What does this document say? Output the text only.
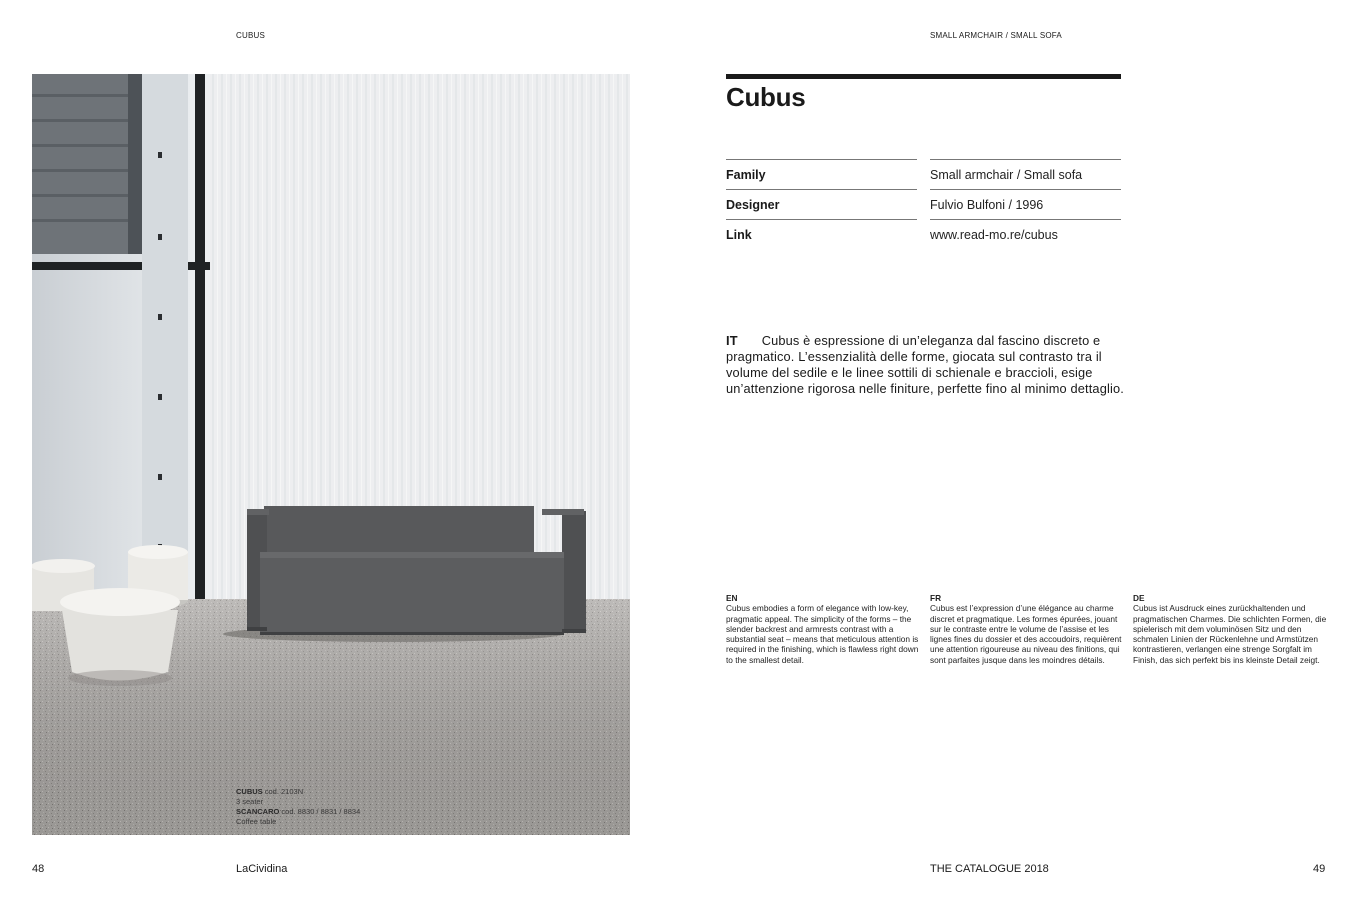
CUBUS	SMALL ARMCHAIR / SMALL SOFA
CUBUS cod. 2103N
3 seater
SCANCARO cod. 8830 / 8831 / 8834
Coffee table
Cubus
Family	Small armchair / Small sofa
Designer	Fulvio Bulfoni / 1996
Link	www.read-mo.re/cubus
IT Cubus è espressione di un’eleganza dal fascino discreto e pragmatico. L’essenzialità delle forme, giocata sul contrasto tra il volume del sedile e le linee sottili di schienale e braccioli, esige un’attenzione rigorosa nelle finiture, perfette fino al minimo dettaglio.
EN
Cubus embodies a form of elegance with low-key, pragmatic appeal. The simplicity of the forms – the slender backrest and armrests contrast with a substantial seat – means that meticulous attention is required in the finishing, which is flawless right down to the smallest detail.
FR
Cubus est l’expression d’une élégance au charme discret et pragmatique. Les formes épurées, jouant sur le contraste entre le volume de l’assise et les lignes fines du dossier et des accoudoirs, requièrent une attention rigoureuse au niveau des finitions, qui sont parfaites jusque dans les moindres détails.
DE
Cubus ist Ausdruck eines zurückhaltenden und pragmatischen Charmes. Die schlichten Formen, die spielerisch mit dem voluminösen Sitz und den schmalen Linien der Rückenlehne und Armstützen kontrastieren, verlangen eine strenge Sorgfalt im Finish, das sich perfekt bis ins kleinste Detail zeigt.
48	LaCividina	THE CATALOGUE 2018	49
